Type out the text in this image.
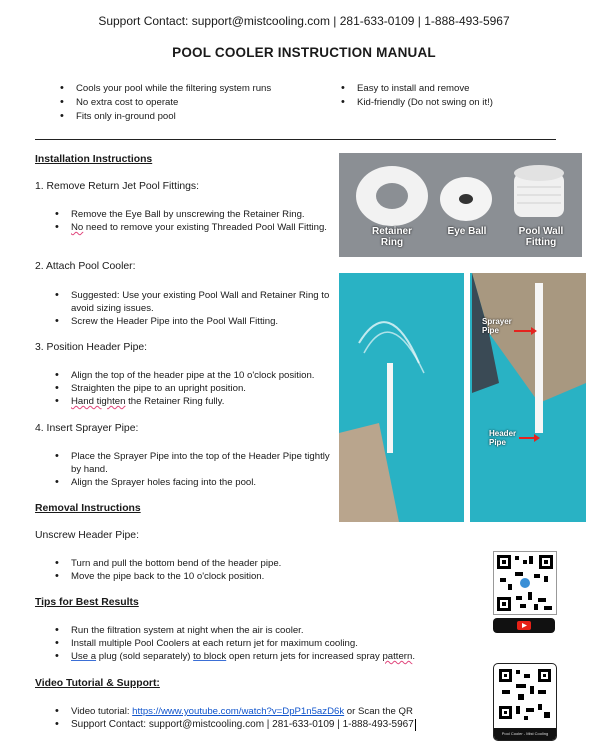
Support Contact: support@mistcooling.com | 281-633-0109 | 1-888-493-5967
POOL COOLER INSTRUCTION MANUAL
• Cools your pool while the filtering system runs
• No extra cost to operate
• Fits only in-ground pool
• Easy to install and remove
• Kid-friendly (Do not swing on it!)
Installation Instructions
1. Remove Return Jet Pool Fittings:
• Remove the Eye Ball by unscrewing the Retainer Ring.
• No need to remove your existing Threaded Pool Wall Fitting.
2. Attach Pool Cooler:
• Suggested: Use your existing Pool Wall and Retainer Ring to avoid sizing issues.
• Screw the Header Pipe into the Pool Wall Fitting.
3. Position Header Pipe:
• Align the top of the header pipe at the 10 o'clock position.
• Straighten the pipe to an upright position.
• Hand tighten the Retainer Ring fully.
4. Insert Sprayer Pipe:
• Place the Sprayer Pipe into the top of the Header Pipe tightly by hand.
• Align the Sprayer holes facing into the pool.
Removal Instructions
Unscrew Header Pipe:
• Turn and pull the bottom bend of the header pipe.
• Move the pipe back to the 10 o'clock position.
Tips for Best Results
• Run the filtration system at night when the air is cooler.
• Install multiple Pool Coolers at each return jet for maximum cooling.
• Use a plug (sold separately) to block open return jets for increased spray pattern.
Video Tutorial & Support:
• Video tutorial: https://www.youtube.com/watch?v=DpP1n5azD6k or Scan the QR
• Support Contact: support@mistcooling.com | 281-633-0109 | 1-888-493-5967
Retainer Ring
Eye Ball	Pool Wall Fitting
Sprayer Pipe
Header Pipe
Pool Cooler - Mist Cooling
